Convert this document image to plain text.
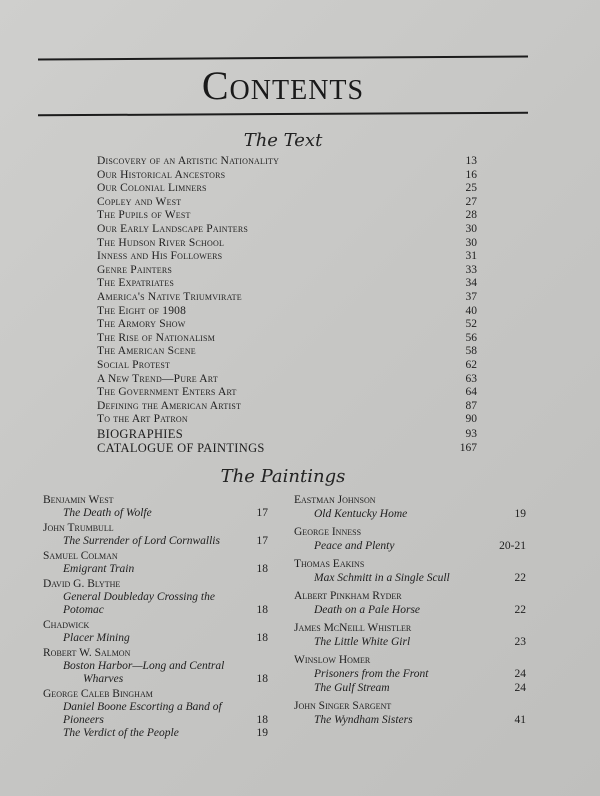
Contents
The Text
Discovery of an Artistic Nationality	13
Our Historical Ancestors	16
Our Colonial Limners	25
Copley and West	27
The Pupils of West	28
Our Early Landscape Painters	30
The Hudson River School	30
Inness and His Followers	31
Genre Painters	33
The Expatriates	34
America's Native Triumvirate	37
The Eight of 1908	40
The Armory Show	52
The Rise of Nationalism	56
The American Scene	58
Social Protest	62
A New Trend—Pure Art	63
The Government Enters Art	64
Defining the American Artist	87
To the Art Patron	90
BIOGRAPHIES	93
CATALOGUE OF PAINTINGS	167
The Paintings
Benjamin West
The Death of Wolfe	17
John Trumbull
The Surrender of Lord Cornwallis	17
Samuel Colman
Emigrant Train	18
David G. Blythe
General Doubleday Crossing the Potomac	18
Chadwick
Placer Mining	18
Robert W. Salmon
Boston Harbor—Long and Central
Wharves	18
George Caleb Bingham
Daniel Boone Escorting a Band of Pioneers	18
The Verdict of the People	19
Eastman Johnson
Old Kentucky Home	19
George Inness
Peace and Plenty	20-21
Thomas Eakins
Max Schmitt in a Single Scull	22
Albert Pinkham Ryder
Death on a Pale Horse	22
James McNeill Whistler
The Little White Girl	23
Winslow Homer
Prisoners from the Front	24
The Gulf Stream	24
John Singer Sargent
The Wyndham Sisters	41
